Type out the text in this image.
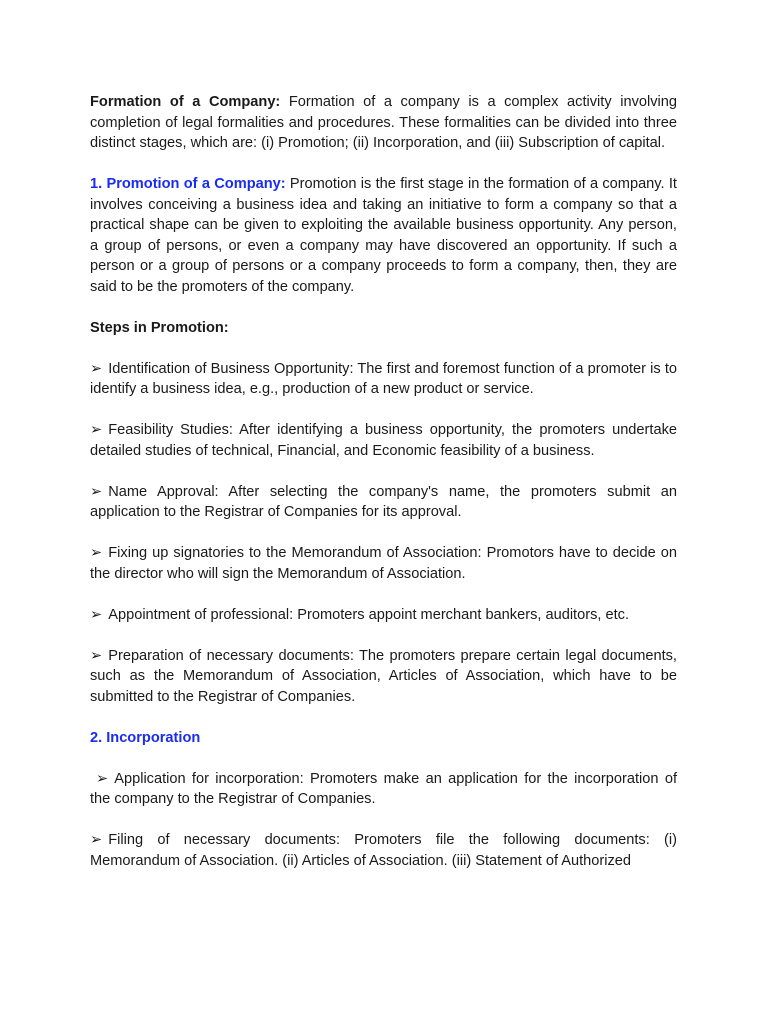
Formation of a Company: Formation of a company is a complex activity involving completion of legal formalities and procedures. These formalities can be divided into three distinct stages, which are: (i) Promotion; (ii) Incorporation, and (iii) Subscription of capital.

1. Promotion of a Company: Promotion is the first stage in the formation of a company. It involves conceiving a business idea and taking an initiative to form a company so that a practical shape can be given to exploiting the available business opportunity. Any person, a group of persons, or even a company may have discovered an opportunity. If such a person or a group of persons or a company proceeds to form a company, then, they are said to be the promoters of the company.

Steps in Promotion:

➢ Identification of Business Opportunity: The first and foremost function of a promoter is to identify a business idea, e.g., production of a new product or service.

➢ Feasibility Studies: After identifying a business opportunity, the promoters undertake detailed studies of technical, Financial, and Economic feasibility of a business.

➢ Name Approval: After selecting the company's name, the promoters submit an application to the Registrar of Companies for its approval.

➢ Fixing up signatories to the Memorandum of Association: Promotors have to decide on the director who will sign the Memorandum of Association.

➢ Appointment of professional: Promoters appoint merchant bankers, auditors, etc.

➢ Preparation of necessary documents: The promoters prepare certain legal documents, such as the Memorandum of Association, Articles of Association, which have to be submitted to the Registrar of Companies.

2. Incorporation

➢ Application for incorporation: Promoters make an application for the incorporation of the company to the Registrar of Companies.

➢ Filing of necessary documents: Promoters file the following documents: (i) Memorandum of Association. (ii) Articles of Association. (iii) Statement of Authorized
